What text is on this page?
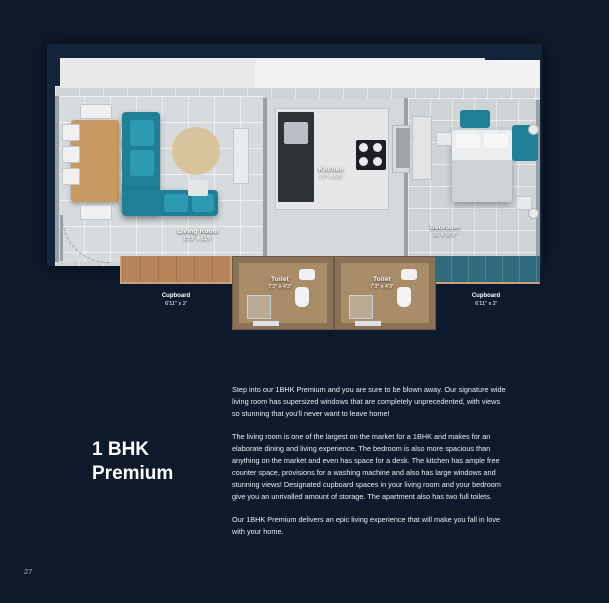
Living Room
15'3" x 11'6"
Kitchen
7'7" x 6'5"
Bedroom
11' x 10'2"
Toilet
7'3" x 4'3"
Toilet
7'3" x 4'3"
Cupboard
6'11" x 2'
Cupboard
6'11" x 2'
1 BHK
Premium

Step into our 1BHK Premium and you are sure to be blown away. Our signature wide living room has supersized windows that are completely unprecedented, with views so stunning that you'll never want to leave home!

The living room is one of the largest on the market for a 1BHK and makes for an elaborate dining and living experience. The bedroom is also more spacious than anything on the market and even has space for a desk. The kitchen has ample free counter space, provisions for a washing machine and also has large windows and stunning views! Designated cupboard spaces in your living room and your bedroom give you an unrivalled amount of storage. The apartment also has two full toilets.

Our 1BHK Premium delivers an epic living experience that will make you fall in love with your home.

27
